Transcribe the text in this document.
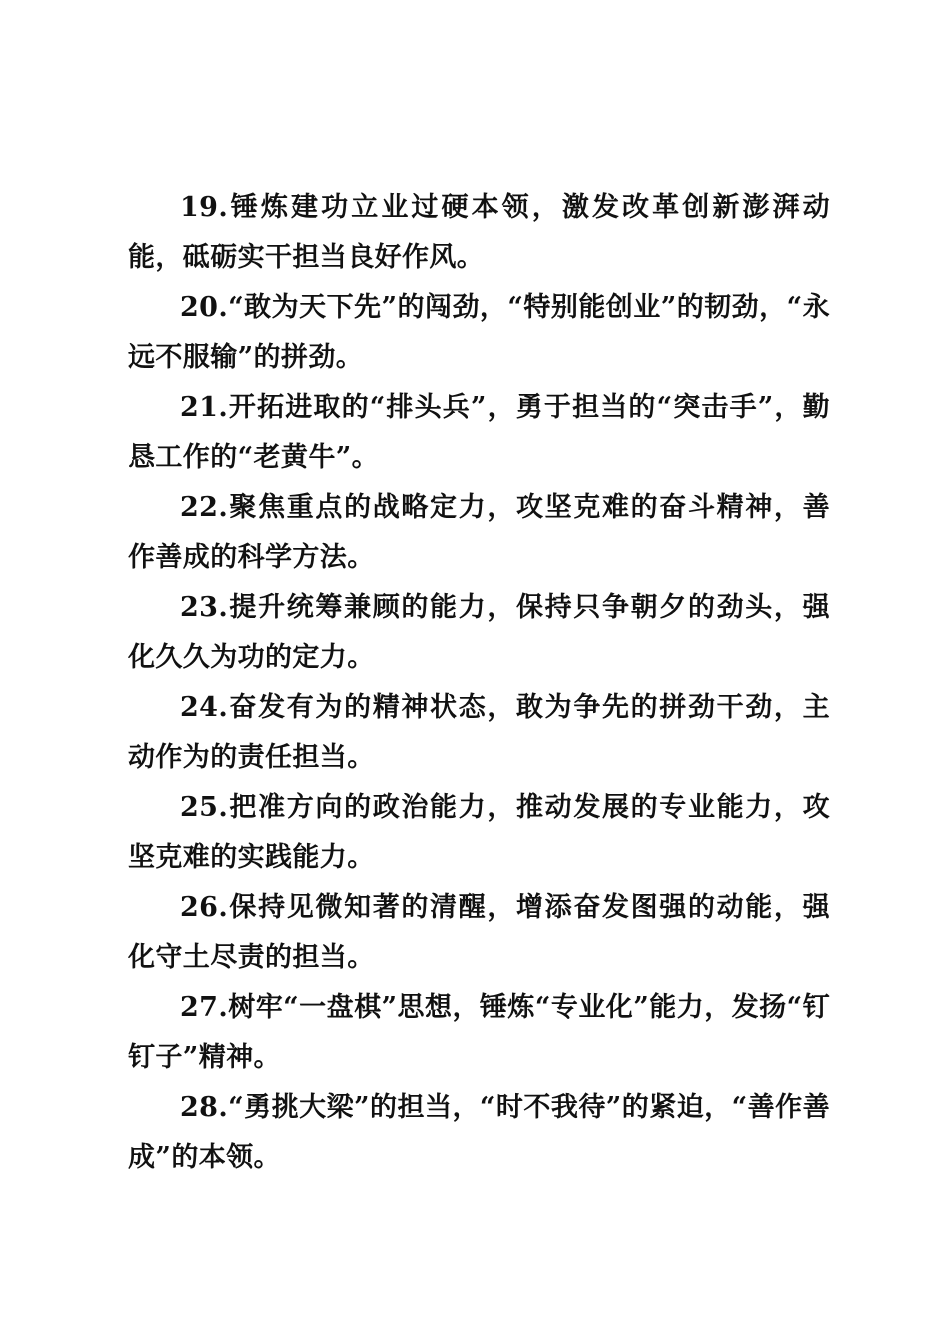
19.锤炼建功立业过硬本领，激发改革创新澎湃动能，砥砺实干担当良好作风。

20.“敢为天下先”的闯劲，“特别能创业”的韧劲，“永远不服输”的拼劲。

21.开拓进取的“排头兵”，勇于担当的“突击手”，勤恳工作的“老黄牛”。

22.聚焦重点的战略定力，攻坚克难的奋斗精神，善作善成的科学方法。

23.提升统筹兼顾的能力，保持只争朝夕的劲头，强化久久为功的定力。

24.奋发有为的精神状态，敢为争先的拼劲干劲，主动作为的责任担当。

25.把准方向的政治能力，推动发展的专业能力，攻坚克难的实践能力。

26.保持见微知著的清醒，增添奋发图强的动能，强化守土尽责的担当。

27.树牢“一盘棋”思想，锤炼“专业化”能力，发扬“钉钉子”精神。

28.“勇挑大梁”的担当，“时不我待”的紧迫，“善作善成”的本领。
